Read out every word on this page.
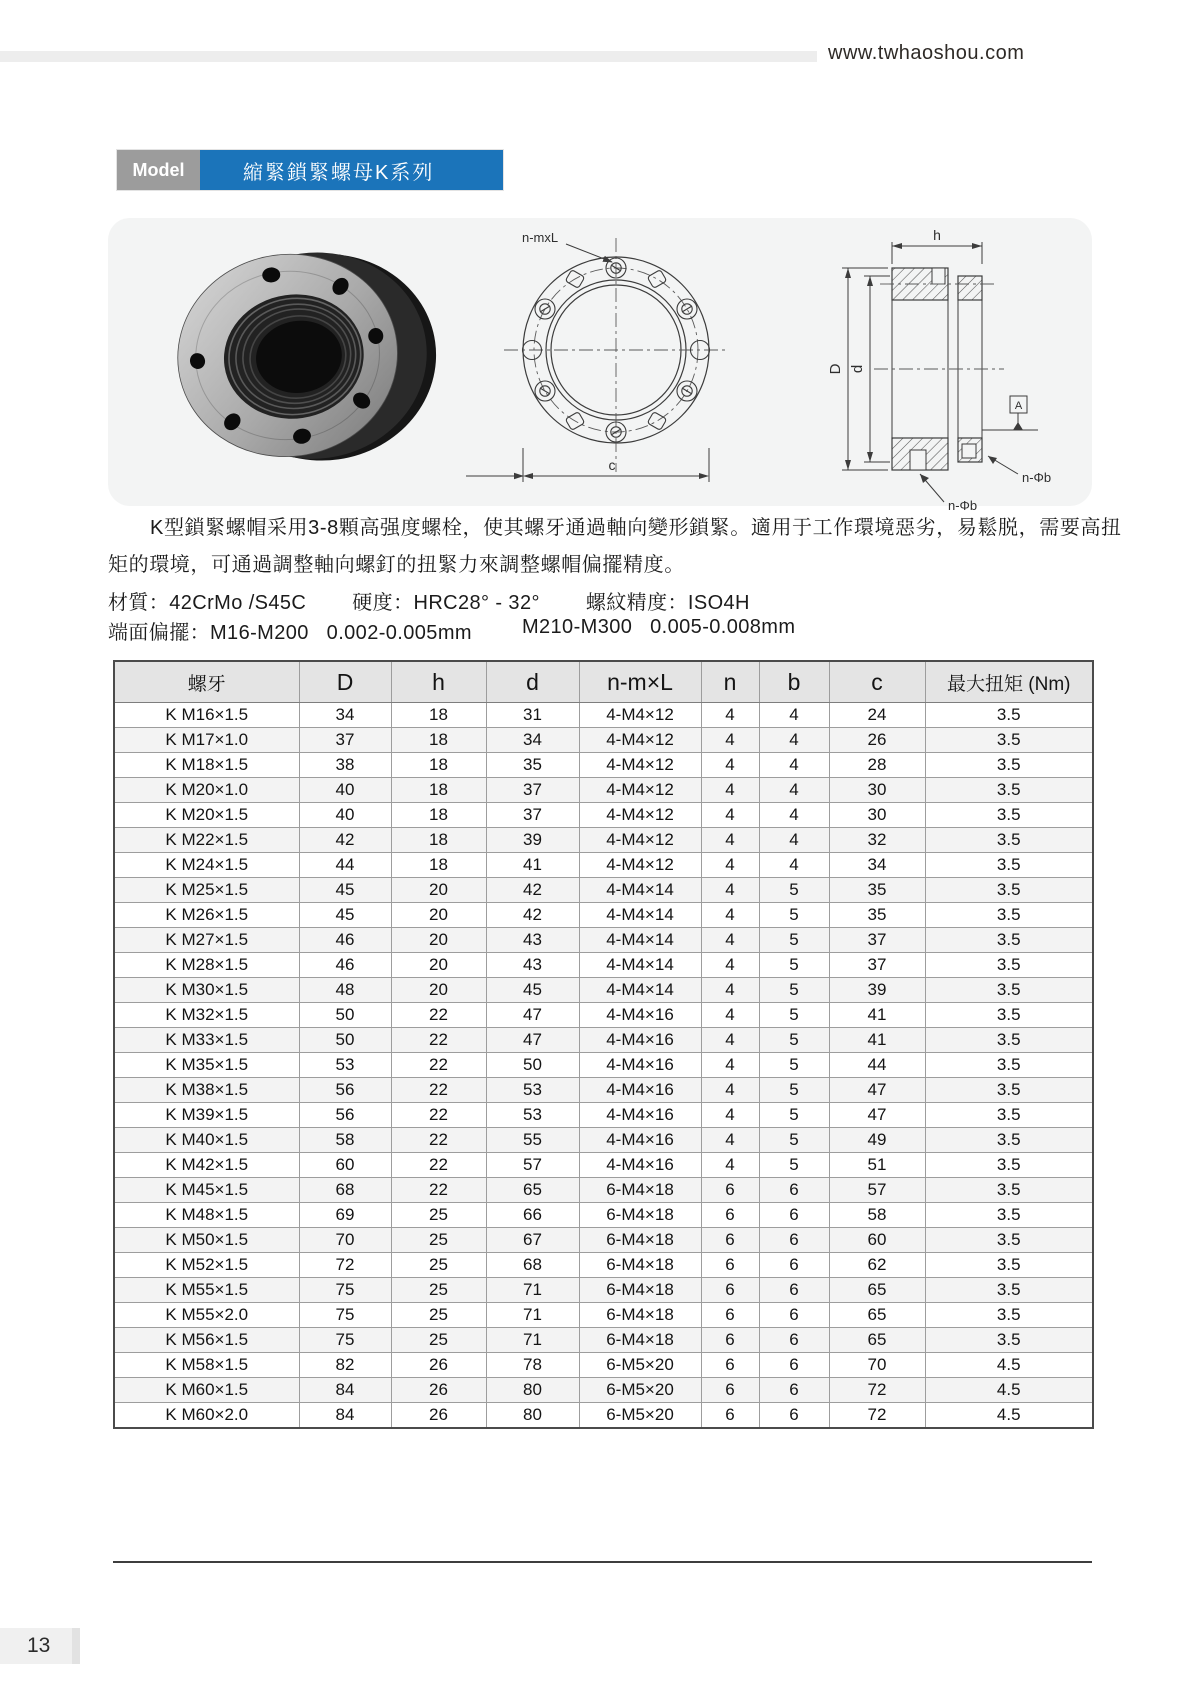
www.twhaoshou.com
Model	縮緊鎖緊螺母K系列
n-mxL
c
h
D d
A
n-Φb
n-Φb
K型鎖緊螺帽采用3-8顆高强度螺栓，使其螺牙通過軸向變形鎖緊。適用于工作環境惡劣，易鬆脱，需要高扭
矩的環境，可通過調整軸向螺釘的扭緊力來調整螺帽偏擺精度。
材質：42CrMo /S45C 硬度：HRC28° - 32° 螺紋精度：ISO4H
端面偏擺：M16-M200   0.002-0.005mm	M210-M300   0.005-0.008mm
螺牙	D	h	d	n-m×L	n	b	c	最大扭矩 (Nm)
K M16×1.5	34	18	31	4-M4×12	4	4	24	3.5
K M17×1.0	37	18	34	4-M4×12	4	4	26	3.5
K M18×1.5	38	18	35	4-M4×12	4	4	28	3.5
K M20×1.0	40	18	37	4-M4×12	4	4	30	3.5
K M20×1.5	40	18	37	4-M4×12	4	4	30	3.5
K M22×1.5	42	18	39	4-M4×12	4	4	32	3.5
K M24×1.5	44	18	41	4-M4×12	4	4	34	3.5
K M25×1.5	45	20	42	4-M4×14	4	5	35	3.5
K M26×1.5	45	20	42	4-M4×14	4	5	35	3.5
K M27×1.5	46	20	43	4-M4×14	4	5	37	3.5
K M28×1.5	46	20	43	4-M4×14	4	5	37	3.5
K M30×1.5	48	20	45	4-M4×14	4	5	39	3.5
K M32×1.5	50	22	47	4-M4×16	4	5	41	3.5
K M33×1.5	50	22	47	4-M4×16	4	5	41	3.5
K M35×1.5	53	22	50	4-M4×16	4	5	44	3.5
K M38×1.5	56	22	53	4-M4×16	4	5	47	3.5
K M39×1.5	56	22	53	4-M4×16	4	5	47	3.5
K M40×1.5	58	22	55	4-M4×16	4	5	49	3.5
K M42×1.5	60	22	57	4-M4×16	4	5	51	3.5
K M45×1.5	68	22	65	6-M4×18	6	6	57	3.5
K M48×1.5	69	25	66	6-M4×18	6	6	58	3.5
K M50×1.5	70	25	67	6-M4×18	6	6	60	3.5
K M52×1.5	72	25	68	6-M4×18	6	6	62	3.5
K M55×1.5	75	25	71	6-M4×18	6	6	65	3.5
K M55×2.0	75	25	71	6-M4×18	6	6	65	3.5
K M56×1.5	75	25	71	6-M4×18	6	6	65	3.5
K M58×1.5	82	26	78	6-M5×20	6	6	70	4.5
K M60×1.5	84	26	80	6-M5×20	6	6	72	4.5
K M60×2.0	84	26	80	6-M5×20	6	6	72	4.5
13
